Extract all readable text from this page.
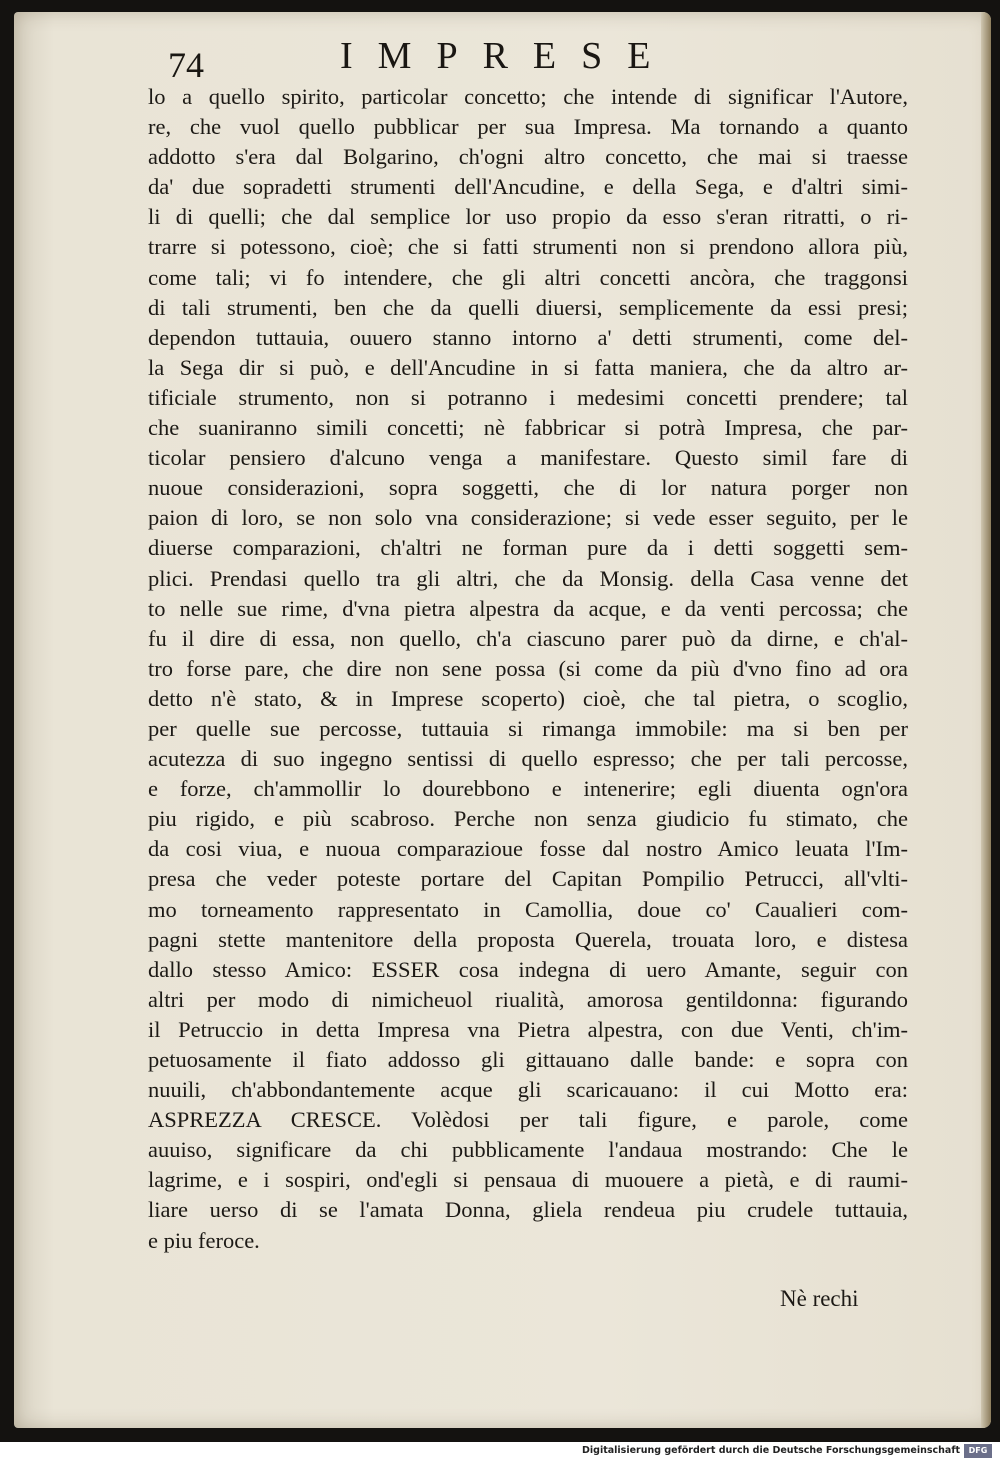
74	IMPRESE
lo a quello spirito, particolar concetto; che intende di significar l'Autore,
re, che vuol quello pubblicar per sua Impresa. Ma tornando a quanto
addotto s'era dal Bolgarino, ch'ogni altro concetto, che mai si traesse
da' due sopradetti strumenti dell'Ancudine, e della Sega, e d'altri simi-
li di quelli; che dal semplice lor uso propio da esso s'eran ritratti, o ri-
trarre si potessono, cioè; che si fatti strumenti non si prendono allora più,
come tali; vi fo intendere, che gli altri concetti ancòra, che traggonsi
di tali strumenti, ben che da quelli diuersi, semplicemente da essi presi;
dependon tuttauia, ouuero stanno intorno a' detti strumenti, come del-
la Sega dir si può, e dell'Ancudine in si fatta maniera, che da altro ar-
tificiale strumento, non si potranno i medesimi concetti prendere; tal
che suaniranno simili concetti; nè fabbricar si potrà Impresa, che par-
ticolar pensiero d'alcuno venga a manifestare. Questo simil fare di
nuoue considerazioni, sopra soggetti, che di lor natura porger non
paion di loro, se non solo vna considerazione; si vede esser seguito, per le
diuerse comparazioni, ch'altri ne forman pure da i detti soggetti sem-
plici. Prendasi quello tra gli altri, che da Monsig. della Casa venne det
to nelle sue rime, d'vna pietra alpestra da acque, e da venti percossa; che
fu il dire di essa, non quello, ch'a ciascuno parer può da dirne, e ch'al-
tro forse pare, che dire non sene possa (si come da più d'vno fino ad ora
detto n'è stato, & in Imprese scoperto) cioè, che tal pietra, o scoglio,
per quelle sue percosse, tuttauia si rimanga immobile: ma si ben per
acutezza di suo ingegno sentissi di quello espresso; che per tali percosse,
e forze, ch'ammollir lo dourebbono e intenerire; egli diuenta ogn'ora
piu rigido, e più scabroso. Perche non senza giudicio fu stimato, che
da cosi viua, e nuoua comparazioue fosse dal nostro Amico leuata l'Im-
presa che veder poteste portare del Capitan Pompilio Petrucci, all'vlti-
mo torneamento rappresentato in Camollia, doue co' Caualieri com-
pagni stette mantenitore della proposta Querela, trouata loro, e distesa
dallo stesso Amico: ESSER cosa indegna di uero Amante, seguir con
altri per modo di nimicheuol riualità, amorosa gentildonna: figurando
il Petruccio in detta Impresa vna Pietra alpestra, con due Venti, ch'im-
petuosamente il fiato addosso gli gittauano dalle bande: e sopra con
nuuili, ch'abbondantemente acque gli scaricauano: il cui Motto era:
ASPREZZA CRESCE. Volèdosi per tali figure, e parole, come
auuiso, significare da chi pubblicamente l'andaua mostrando: Che le
lagrime, e i sospiri, ond'egli si pensaua di muouere a pietà, e di raumi-
liare uerso di se l'amata Donna, gliela rendeua piu crudele tuttauia,
e piu feroce.
Nè rechi
Digitalisierung gefördert durch die Deutsche Forschungsgemeinschaft	DFG
